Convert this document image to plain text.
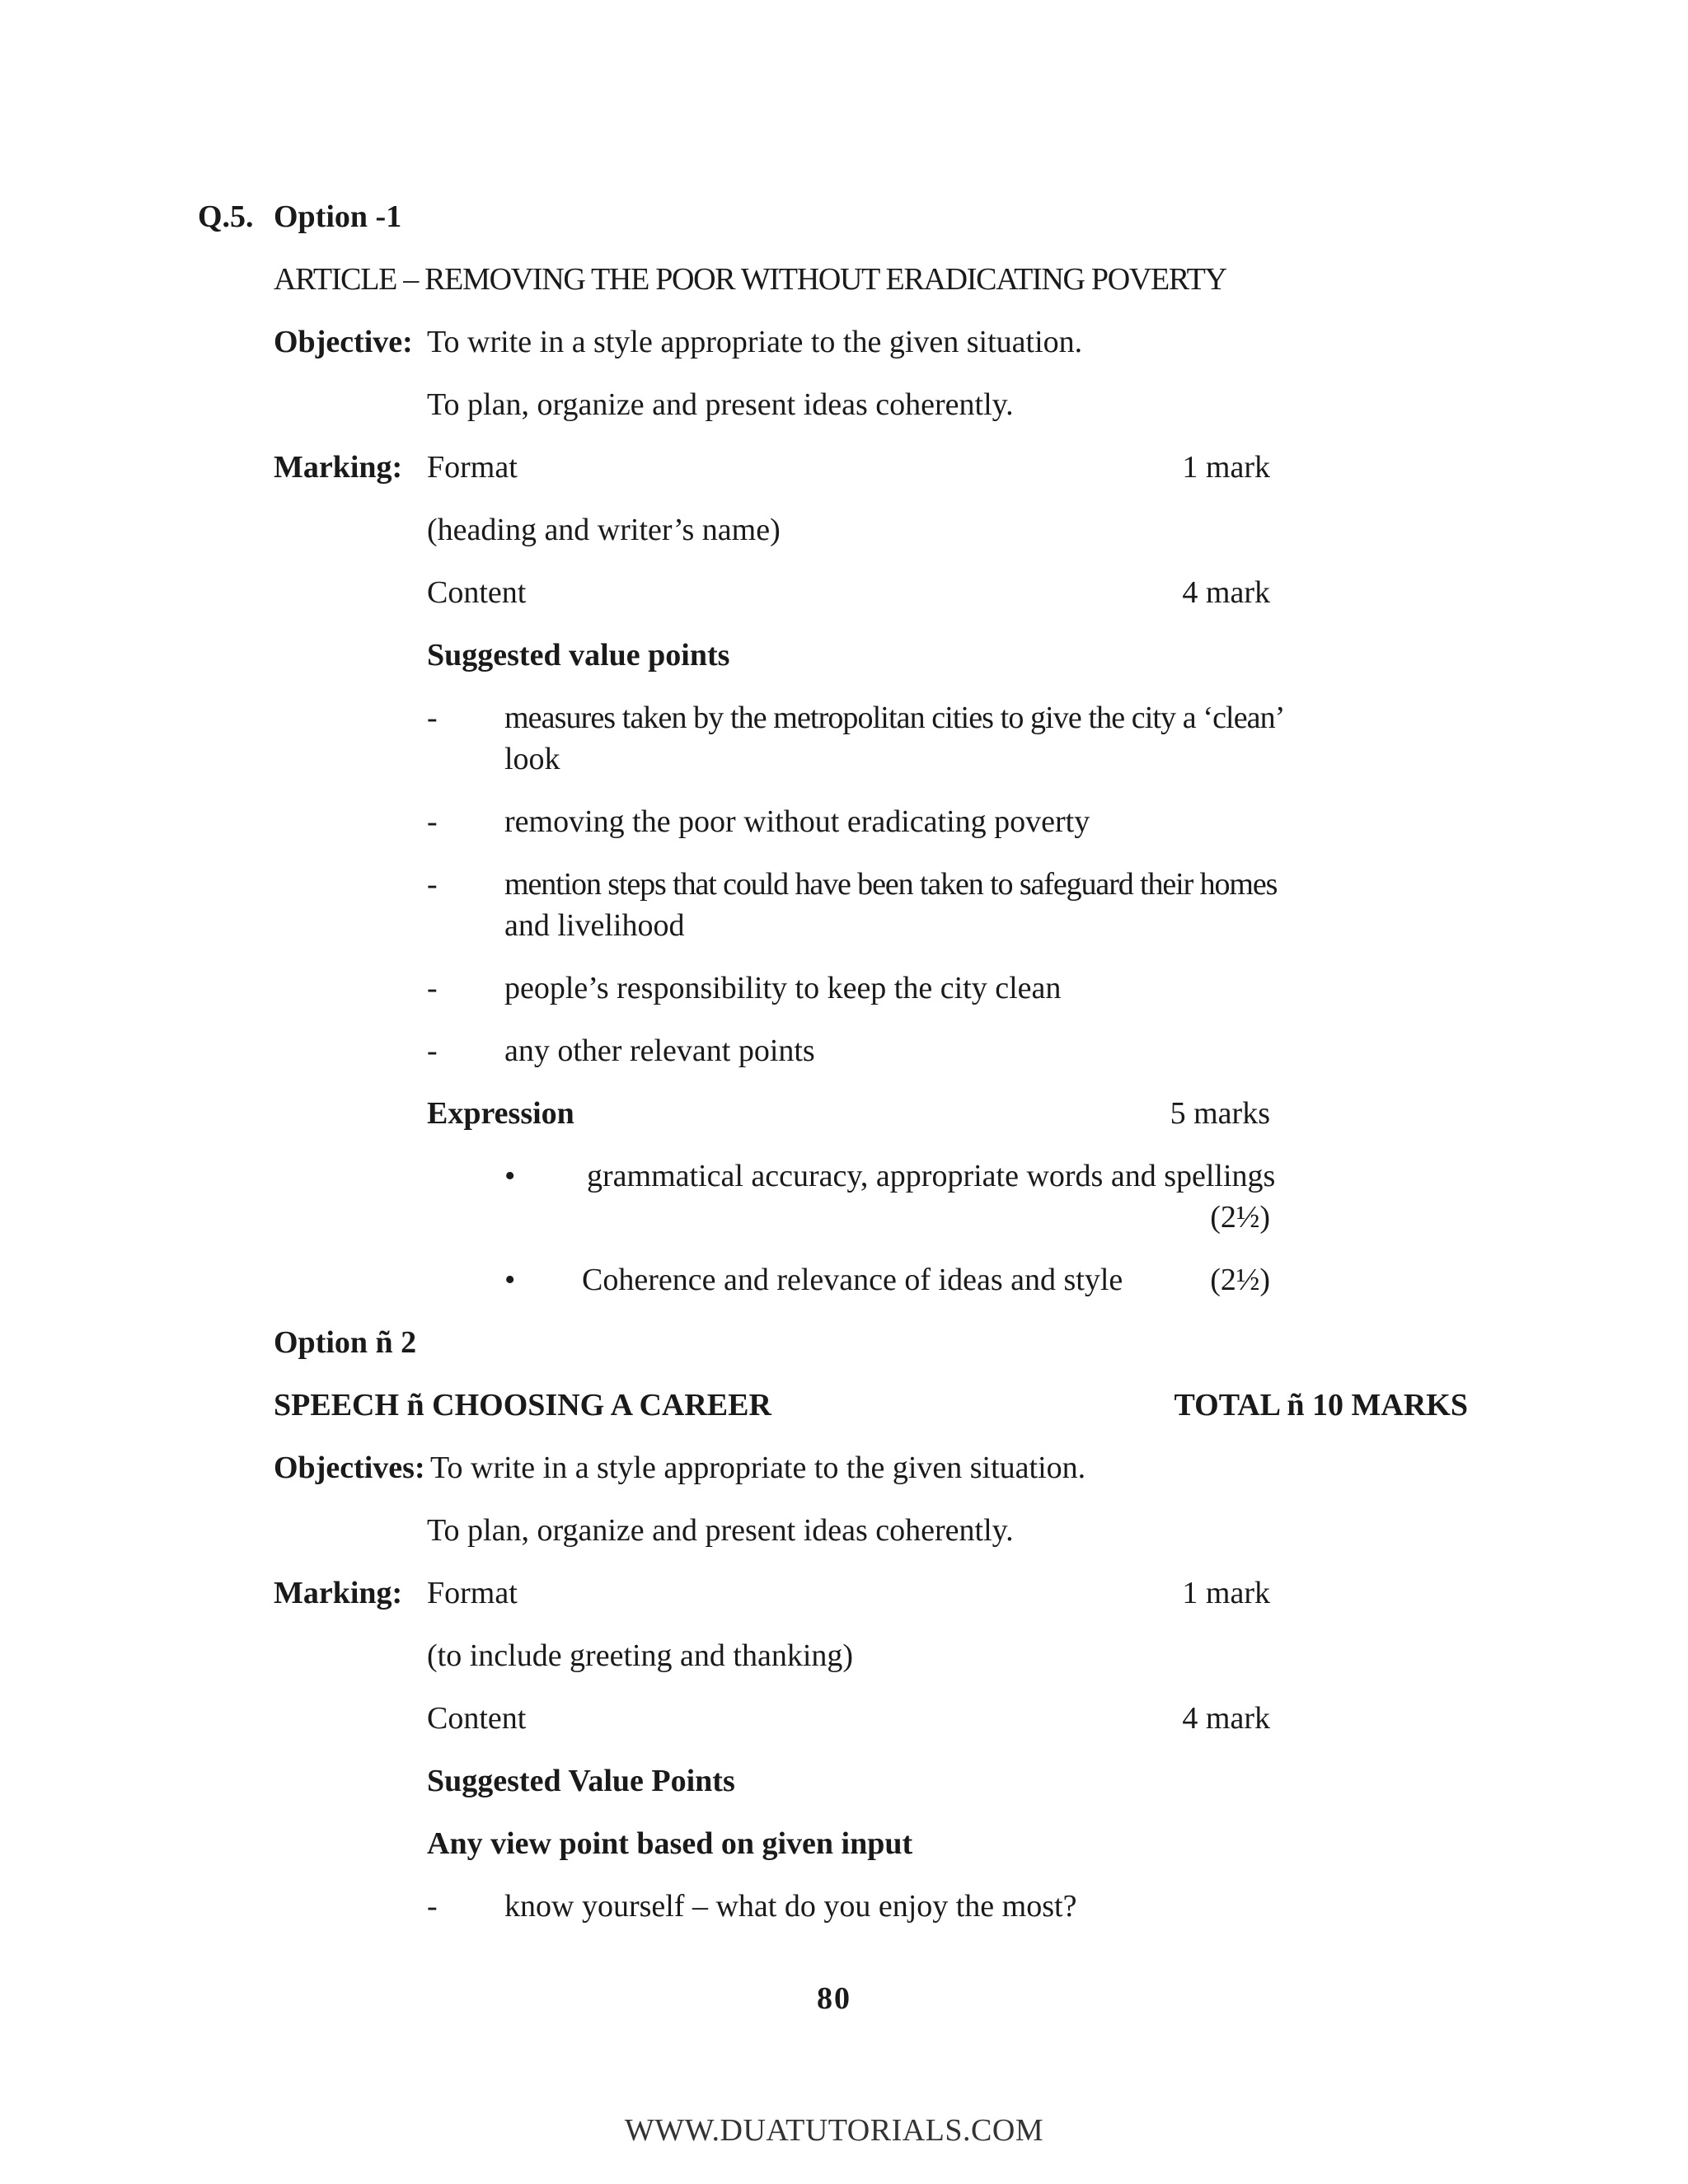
Q.5. Option -1
ARTICLE – REMOVING THE POOR WITHOUT ERADICATING POVERTY
Objective: To write in a style appropriate to the given situation.
To plan, organize and present ideas coherently.
Marking: Format	1 mark
(heading and writer’s name)
Content	4 mark
Suggested value points
- measures taken by the metropolitan cities to give the city a ‘clean’
look
- removing the poor without eradicating poverty
- mention steps that could have been taken to safeguard their homes
and livelihood
- people’s responsibility to keep the city clean
- any other relevant points
Expression	5 marks
• grammatical accuracy, appropriate words and spellings
(2½)
• Coherence and relevance of ideas and style	(2½)
Option ñ 2
SPEECH ñ CHOOSING A CAREER	TOTAL ñ 10 MARKS
Objectives: To write in a style appropriate to the given situation.
To plan, organize and present ideas coherently.
Marking: Format	1 mark
(to include greeting and thanking)
Content	4 mark
Suggested Value Points
Any view point based on given input
- know yourself – what do you enjoy the most?
80
WWW.DUATUTORIALS.COM
